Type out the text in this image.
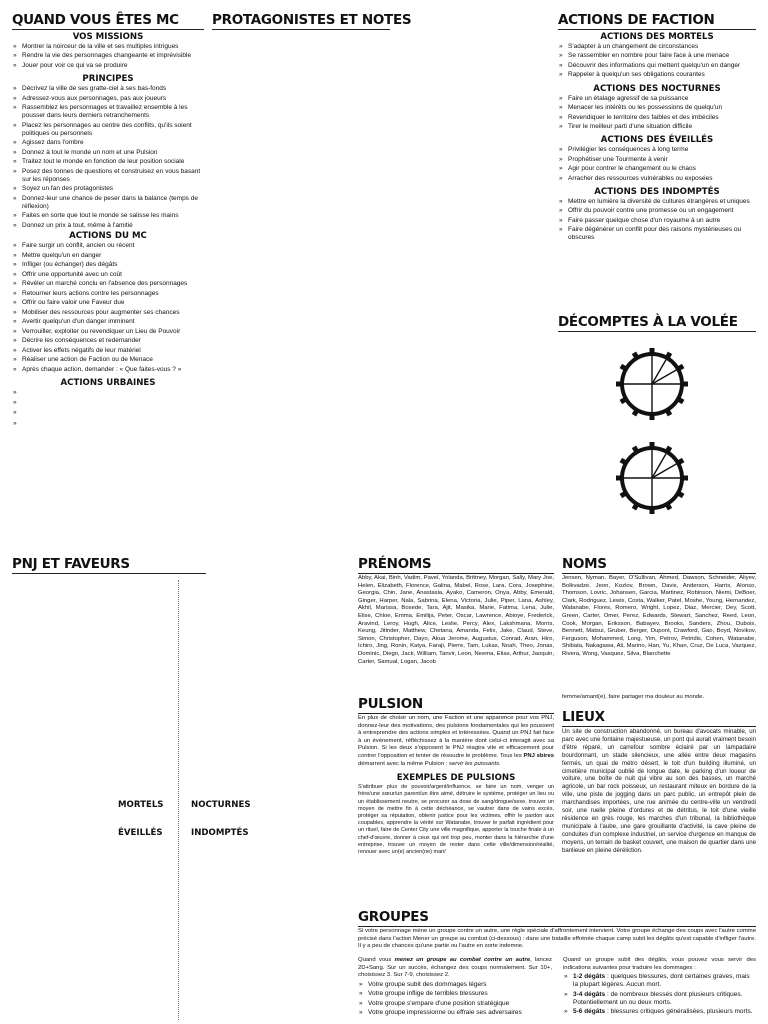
QUAND VOUS ÊTES MC
VOS MISSIONS
» Montrer la noirceur de la ville et ses multiples intrigues
» Rendre la vie des personnages changeante et imprévisible
» Jouer pour voir ce qui va se produire
PRINCIPES
» Décrivez la ville de ses gratte-ciel à ses bas-fonds
» Adressez-vous aux personnages, pas aux joueurs
» Rassemblez les personnages et travaillez ensemble à les pousser dans leurs derniers retranchements
» Placez les personnages au centre des conflits, qu'ils soient politiques ou personnels
» Agissez dans l'ombre
» Donnez à tout le monde un nom et une Pulsion
» Traitez tout le monde en fonction de leur position sociale
» Posez des tonnes de questions et construisez en vous basant sur les réponses
» Soyez un fan des protagonistes
» Donnez-leur une chance de peser dans la balance (temps de réflexion)
» Faites en sorte que tout le monde se salisse les mains
» Donnez un prix à tout, même à l'amitié
ACTIONS DU MC
» Faire surgir un conflit, ancien ou récent
» Mettre quelqu'un en danger
» Infliger (ou échanger) des dégâts
» Offrir une opportunité avec un coût
» Révéler un marché conclu en l'absence des personnages
» Retourner leurs actions contre les personnages
» Offrir ou faire valoir une Faveur due
» Mobiliser des ressources pour augmenter ses chances
» Avertir quelqu'un d'un danger imminent
» Verrouiller, exploiter ou revendiquer un Lieu de Pouvoir
» Décrire les conséquences et redemander
» Activer les effets négatifs de leur matériel
» Réaliser une action de Faction ou de Menace
» Après chaque action, demander : « Que faites-vous ? »
ACTIONS URBAINES
»
»
»
»
PROTAGONISTES ET NOTES	ACTIONS DE FACTION
ACTIONS DES MORTELS
» S'adapter à un changement de circonstances
» Se rassembler en nombre pour faire face à une menace
» Découvrir des informations qui mettent quelqu'un en danger
» Rappeler à quelqu'un ses obligations courantes
ACTIONS DES NOCTURNES
» Faire un étalage agressif de sa puissance
» Menacer les intérêts ou les possessions de quelqu'un
» Revendiquer le territoire des faibles et des imbéciles
» Tirer le meilleur parti d'une situation difficile
ACTIONS DES ÉVEILLÉS
» Privilégier les conséquences à long terme
» Prophétiser une Tourmente à venir
» Agir pour contrer le changement ou le chaos
» Arracher des ressources vulnérables ou exposées
ACTIONS DES INDOMPTÉS
» Mettre en lumière la diversité de cultures étrangères et uniques
» Offrir du pouvoir contre une promesse ou un engagement
» Faire passer quelque chose d'un royaume à un autre
» Faire dégénérer un conflit pour des raisons mystérieuses ou obscures
DÉCOMPTES À LA VOLÉE
PNJ ET FAVEURS
MORTELS	NOCTURNES
ÉVEILLÉS	INDOMPTÉS
PRÉNOMS
Abby, Akai, Binh, Vadim, Pavel, Yolanda, Brittney, Morgan, Sally, Mary Joe, Helen, Elizabeth, Florence, Galina, Mabel, Rose, Lara, Cora, Josephine, Georgia, Chin, Jane, Anastasia, Ayako, Cameron, Onya, Abby, Emerald, Ginger, Harper, Nala, Sabrina, Elena, Victoria, Julie, Piper, Lana, Ashley, Akhil, Marissa, Bosede, Tara, Ajit, Masika, Marie, Fatima, Lena, Julie, Elise, Chloe, Emma, Emilija, Peter, Oscar, Lawrence, Abioye, Frederick, Aravind, Leroy, Hugh, Alice, Leslie, Percy, Alex, Lakshmana, Morris, Keung, Jitinder, Matthew, Chetana, Amanda, Felix, Jake, Claud, Steve, Simon, Christopher, Dayo, Akua Jerome, Augustus, Conrad, Aran, Hiro, Ichiro, Jing, Ronin, Katya, Faraji, Pierre, Tam, Lukas, Noah, Theo, Jonas, Dominic, Diego, Jack, William, Tanvir, Leon, Neema, Elias, Arthur, Jaoquin, Carter, Samual, Logan, Jacob
PULSION
En plus de choisir un nom, une Faction et une apparence pour vos PNJ, donnez-leur des motivations, des pulsions fondamentales qui les poussent à entreprendre des actions simples et intéressées. Quand un PNJ fait face à un événement, réfléchissez à la manière dont celui-ci interagit avec sa Pulsion. Si les deux s'opposent le PNJ réagira vite et efficacement pour contrer l'opposition et tenter de résoudre le problème. Tous les PNJ sbires démarrent avec la même Pulsion : servir les puissants.
EXEMPLES DE PULSIONS
S'attribuer plus de pouvoir/argent/influence, se faire un nom, venger un frère/une sœur/un parent/un être aimé, détruire le système, protéger un lieu ou un établissement neutre, se procurer sa dose de sang/drogue/sexe, trouver un moyen de mettre fin à cette déchéance, se vautrer dans de vains excès, protéger sa réputation, obtenir justice pour les victimes, offrir le pardon aux coupables, apprendre la vérité sur Watanabe, trouver le parfait ingrédient pour un rituel, faire de Center City une ville magnifique, apporter la touche finale à un chef-d'œuvre, donner à ceux qui ont trop peu, monter dans la hiérarchie d'une entreprise, trouver un moyen de rester dans cette ville/dimension/réalité, renouer avec un(e) ancien(ne) mari/
NOMS
Jensen, Nyman, Bayer, O'Sullivan, Ahmed, Dawson, Schneider, Aliyev, Bolkvadze, Jeon, Kozlov, Brown, Davis, Anderson, Harris, Alonso, Thomson, Lovric, Johansen, Garcia, Martinez, Robinson, Niemi, DeBoer, Clark, Rodriguez, Lewis, Costa, Walker, Patel, Moshe, Young, Hernandez, Watanabe, Flores, Romero, Wright, Lopez, Diaz, Mercier, Dey, Scott, Green, Carter, Omer, Perez, Edwards, Stewart, Sanchez, Reed, Leon, Cook, Morgan, Eriksson, Babayev, Brooks, Sanders, Zhou, Dubois, Bennett, Matsui, Gruber, Berger, Dupont, Crawford, Gao, Boyd, Novikov, Ferguson, Mohammed, Long, Yim, Petrov, Petridis, Cohen, Watanabe, Shibata, Nakagawa, Ali, Marino, Han, Yu, Khan, Cruz, De Luca, Vazquez, Rivera, Wong, Vasquez, Silva, Blanchette
femme/amant(e), faire partager ma douleur au monde.
LIEUX
Un site de construction abandonné, un bureau d'avocats minable, un parc avec une fontaine majestueuse, un pont qui aurait vraiment besoin d'être réparé, un carrefour sombre éclairé par un lampadaire bourdonnant, un stade silencieux, une allée entre deux magasins fermés, un quai de métro désert, le toit d'un building illuminé, un cimetière municipal oublié de longue date, le parking d'un loueur de voiture, une boîte de nuit qui vibre au son des basses, un marché agricole, un bar rock poisseux, un restaurant miteux en bordure de la ville, une piste de jogging dans un parc public, un entrepôt plein de marchandises importées, une rue animée du centre-ville un vendredi soir, une ruelle pleine d'ordures et de détritus, le toit d'une vieille résidence en grès rouge, les marches d'un tribunal, la bibliothèque municipale à l'aube, une gare grouillante d'activité, la cave pleine de conduites d'un complexe industriel, un service d'urgence en manque de moyens, un terrain de basket couvert, une maison de quartier dans une banlieue en pleine déréliction.
GROUPES
Si votre personnage mène un groupe contre un autre, une règle spéciale d'affrontement intervient. Votre groupe échange des coups avec l'autre comme précisé dans l'action Mener un groupe au combat (ci-dessous) : dans une bataille effrénée chaque camp subit les dégâts qu'est capable d'infliger l'autre. Il y a peu de chances qu'une partie ou l'autre en sorte indemne.
Quand vous menez un groupe au combat contre un autre, lancez 2D+Sang. Sur un succès, échangez des coups normalement. Sur 10+, choisissez 3. Sur 7-9, choisissez 2.
» Votre groupe subit des dommages légers
» Votre groupe inflige de terribles blessures
» Votre groupe s'empare d'une position stratégique
» Votre groupe impressionne ou effraie ses adversaires
Quand un groupe subit des dégâts, vous pouvez vous servir des indications suivantes pour traduire les dommages :
» 1-2 dégâts : quelques blessures, dont certaines graves, mais la plupart légères. Aucun mort.
» 3-4 dégâts : de nombreux blessés dont plusieurs critiques. Potentiellement un ou deux morts.
» 5-6 dégâts : blessures critiques généralisées, plusieurs morts.
